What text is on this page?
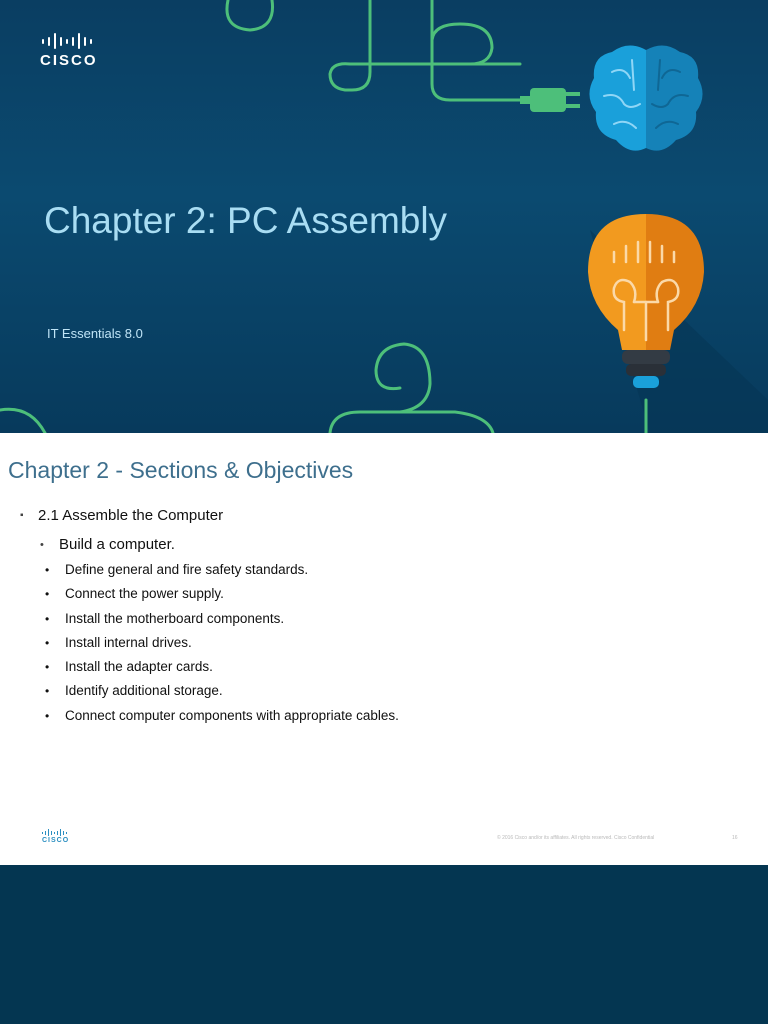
CISCO
Chapter 2: PC Assembly
IT Essentials 8.0
Chapter 2 - Sections & Objectives
▪ 2.1 Assemble the Computer
• Build a computer.
• Define general and fire safety standards.
• Connect the power supply.
• Install the motherboard components.
• Install internal drives.
• Install the adapter cards.
• Identify additional storage.
• Connect computer components with appropriate cables.
CISCO	© 2016 Cisco and/or its affiliates. All rights reserved. Cisco Confidential	16
